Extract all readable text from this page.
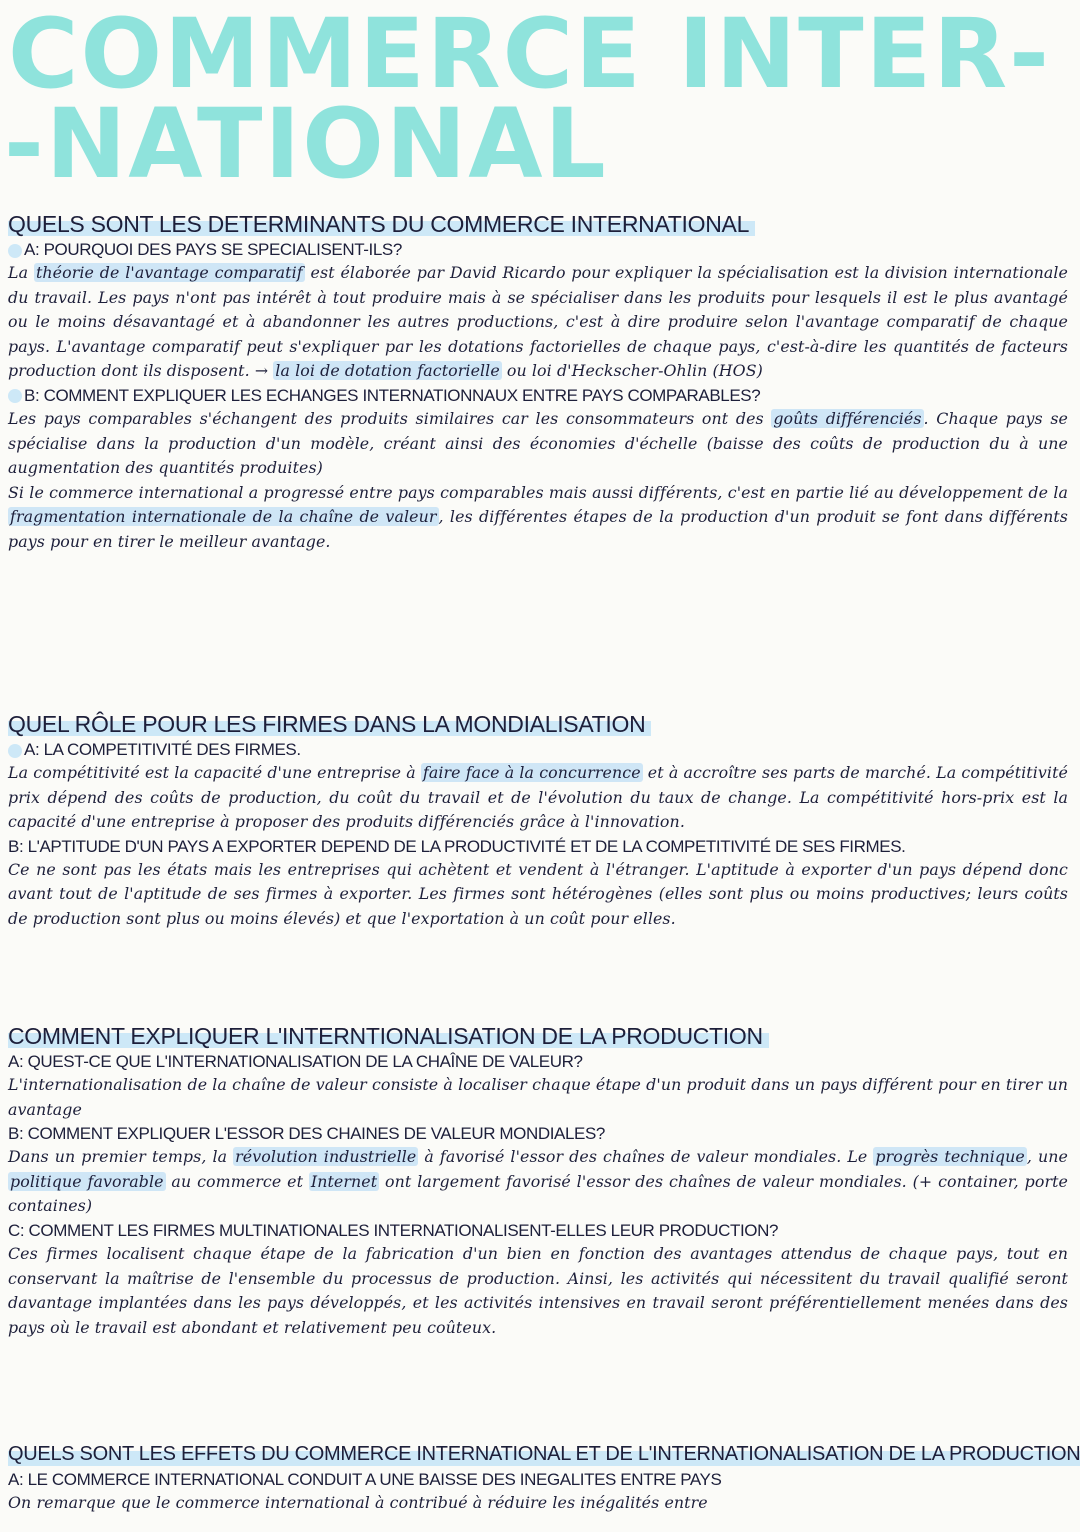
COMMERCE INTER-
-NATIONAL
QUELS SONT LES DETERMINANTS DU COMMERCE INTERNATIONAL
A: POURQUOI DES PAYS SE SPECIALISENT-ILS?

La théorie de l'avantage comparatif est élaborée par David Ricardo pour expliquer la spécialisation est la division internationale du travail. Les pays n'ont pas intérêt à tout produire mais à se spécialiser dans les produits pour lesquels il est le plus avantagé ou le moins désavantagé et à abandonner les autres productions, c'est à dire produire selon l'avantage comparatif de chaque pays. L'avantage comparatif peut s'expliquer par les dotations factorielles de chaque pays, c'est-à-dire les quantités de facteurs production dont ils disposent. → la loi de dotation factorielle ou loi d'Heckscher-Ohlin (HOS)

B: COMMENT EXPLIQUER LES ECHANGES INTERNATIONNAUX ENTRE PAYS COMPARABLES?

Les pays comparables s'échangent des produits similaires car les consommateurs ont des goûts différenciés . Chaque pays se spécialise dans la production d'un modèle, créant ainsi des économies d'échelle (baisse des coûts de production du à une augmentation des quantités produites)

Si le commerce international a progressé entre pays comparables mais aussi différents, c'est en partie lié au développement de la fragmentation internationale de la chaîne de valeur , les différentes étapes de la production d'un produit se font dans différents pays pour en tirer le meilleur avantage.

QUEL RÔLE POUR LES FIRMES DANS LA MONDIALISATION
A: LA COMPETITIVITÉ DES FIRMES.

La compétitivité est la capacité d'une entreprise à faire face à la concurrence et à accroître ses parts de marché. La compétitivité prix dépend des coûts de production, du coût du travail et de l'évolution du taux de change. La compétitivité hors-prix est la capacité d'une entreprise à proposer des produits différenciés grâce à l'innovation.

B: L'APTITUDE D'UN PAYS A EXPORTER DEPEND DE LA PRODUCTIVITÉ ET DE LA COMPETITIVITÉ DE SES FIRMES.

Ce ne sont pas les états mais les entreprises qui achètent et vendent à l'étranger. L'aptitude à exporter d'un pays dépend donc avant tout de l'aptitude de ses firmes à exporter. Les firmes sont hétérogènes (elles sont plus ou moins productives; leurs coûts de production sont plus ou moins élevés) et que l'exportation à un coût pour elles.

COMMENT EXPLIQUER L'INTERNTIONALISATION DE LA PRODUCTION
A: QUEST-CE QUE L'INTERNATIONALISATION DE LA CHAÎNE DE VALEUR?

L'internationalisation de la chaîne de valeur consiste à localiser chaque étape d'un produit dans un pays différent pour en tirer un avantage

B: COMMENT EXPLIQUER L'ESSOR DES CHAINES DE VALEUR MONDIALES?

Dans un premier temps, la révolution industrielle à favorisé l'essor des chaînes de valeur mondiales. Le progrès technique , une politique favorable au commerce et Internet ont largement favorisé l'essor des chaînes de valeur mondiales. (+ container, porte containes)

C: COMMENT LES FIRMES MULTINATIONALES INTERNATIONALISENT-ELLES LEUR PRODUCTION?

Ces firmes localisent chaque étape de la fabrication d'un bien en fonction des avantages attendus de chaque pays, tout en conservant la maîtrise de l'ensemble du processus de production. Ainsi, les activités qui nécessitent du travail qualifié seront davantage implantées dans les pays développés, et les activités intensives en travail seront préférentiellement menées dans des pays où le travail est abondant et relativement peu coûteux.

QUELS SONT LES EFFETS DU COMMERCE INTERNATIONAL ET DE L'INTERNATIONALISATION DE LA PRODUCTION
A: LE COMMERCE INTERNATIONAL CONDUIT A UNE BAISSE DES INEGALITES ENTRE PAYS

On remarque que le commerce international à contribué à réduire les inégalités entre
